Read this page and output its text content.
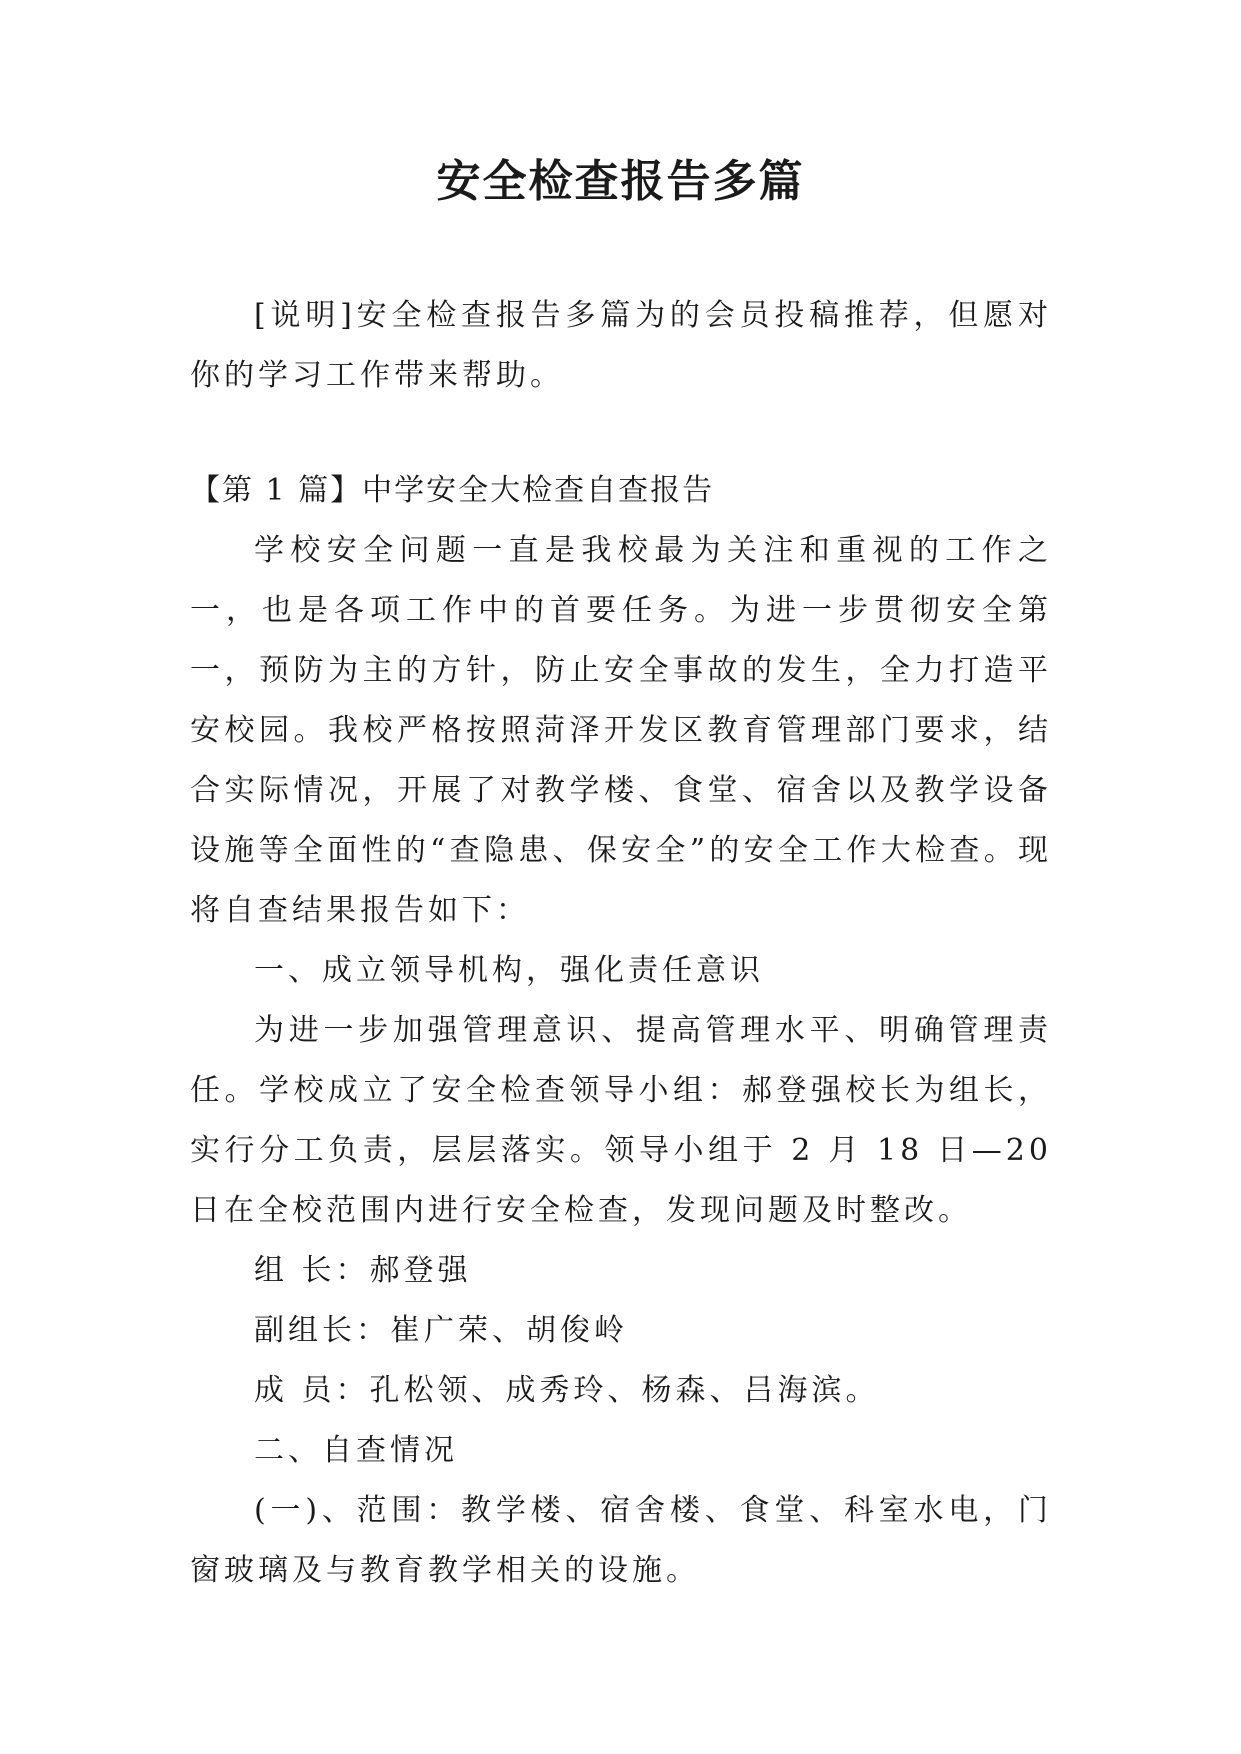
安全检查报告多篇

[说明]安全检查报告多篇为的会员投稿推荐，但愿对你的学习工作带来帮助。

【第 1 篇】中学安全大检查自查报告

学校安全问题一直是我校最为关注和重视的工作之一，也是各项工作中的首要任务。为进一步贯彻安全第一，预防为主的方针，防止安全事故的发生，全力打造平安校园。我校严格按照菏泽开发区教育管理部门要求，结合实际情况，开展了对教学楼、食堂、宿舍以及教学设备设施等全面性的“查隐患、保安全”的安全工作大检查。现将自查结果报告如下：

一、成立领导机构，强化责任意识

为进一步加强管理意识、提高管理水平、明确管理责任。学校成立了安全检查领导小组：郝登强校长为组长，实行分工负责，层层落实。领导小组于 2 月 18 日—20 日在全校范围内进行安全检查，发现问题及时整改。

组 长：郝登强

副组长：崔广荣、胡俊岭

成 员：孔松领、成秀玲、杨森、吕海滨。

二、自查情况

(一)、范围：教学楼、宿舍楼、食堂、科室水电，门窗玻璃及与教育教学相关的设施。
